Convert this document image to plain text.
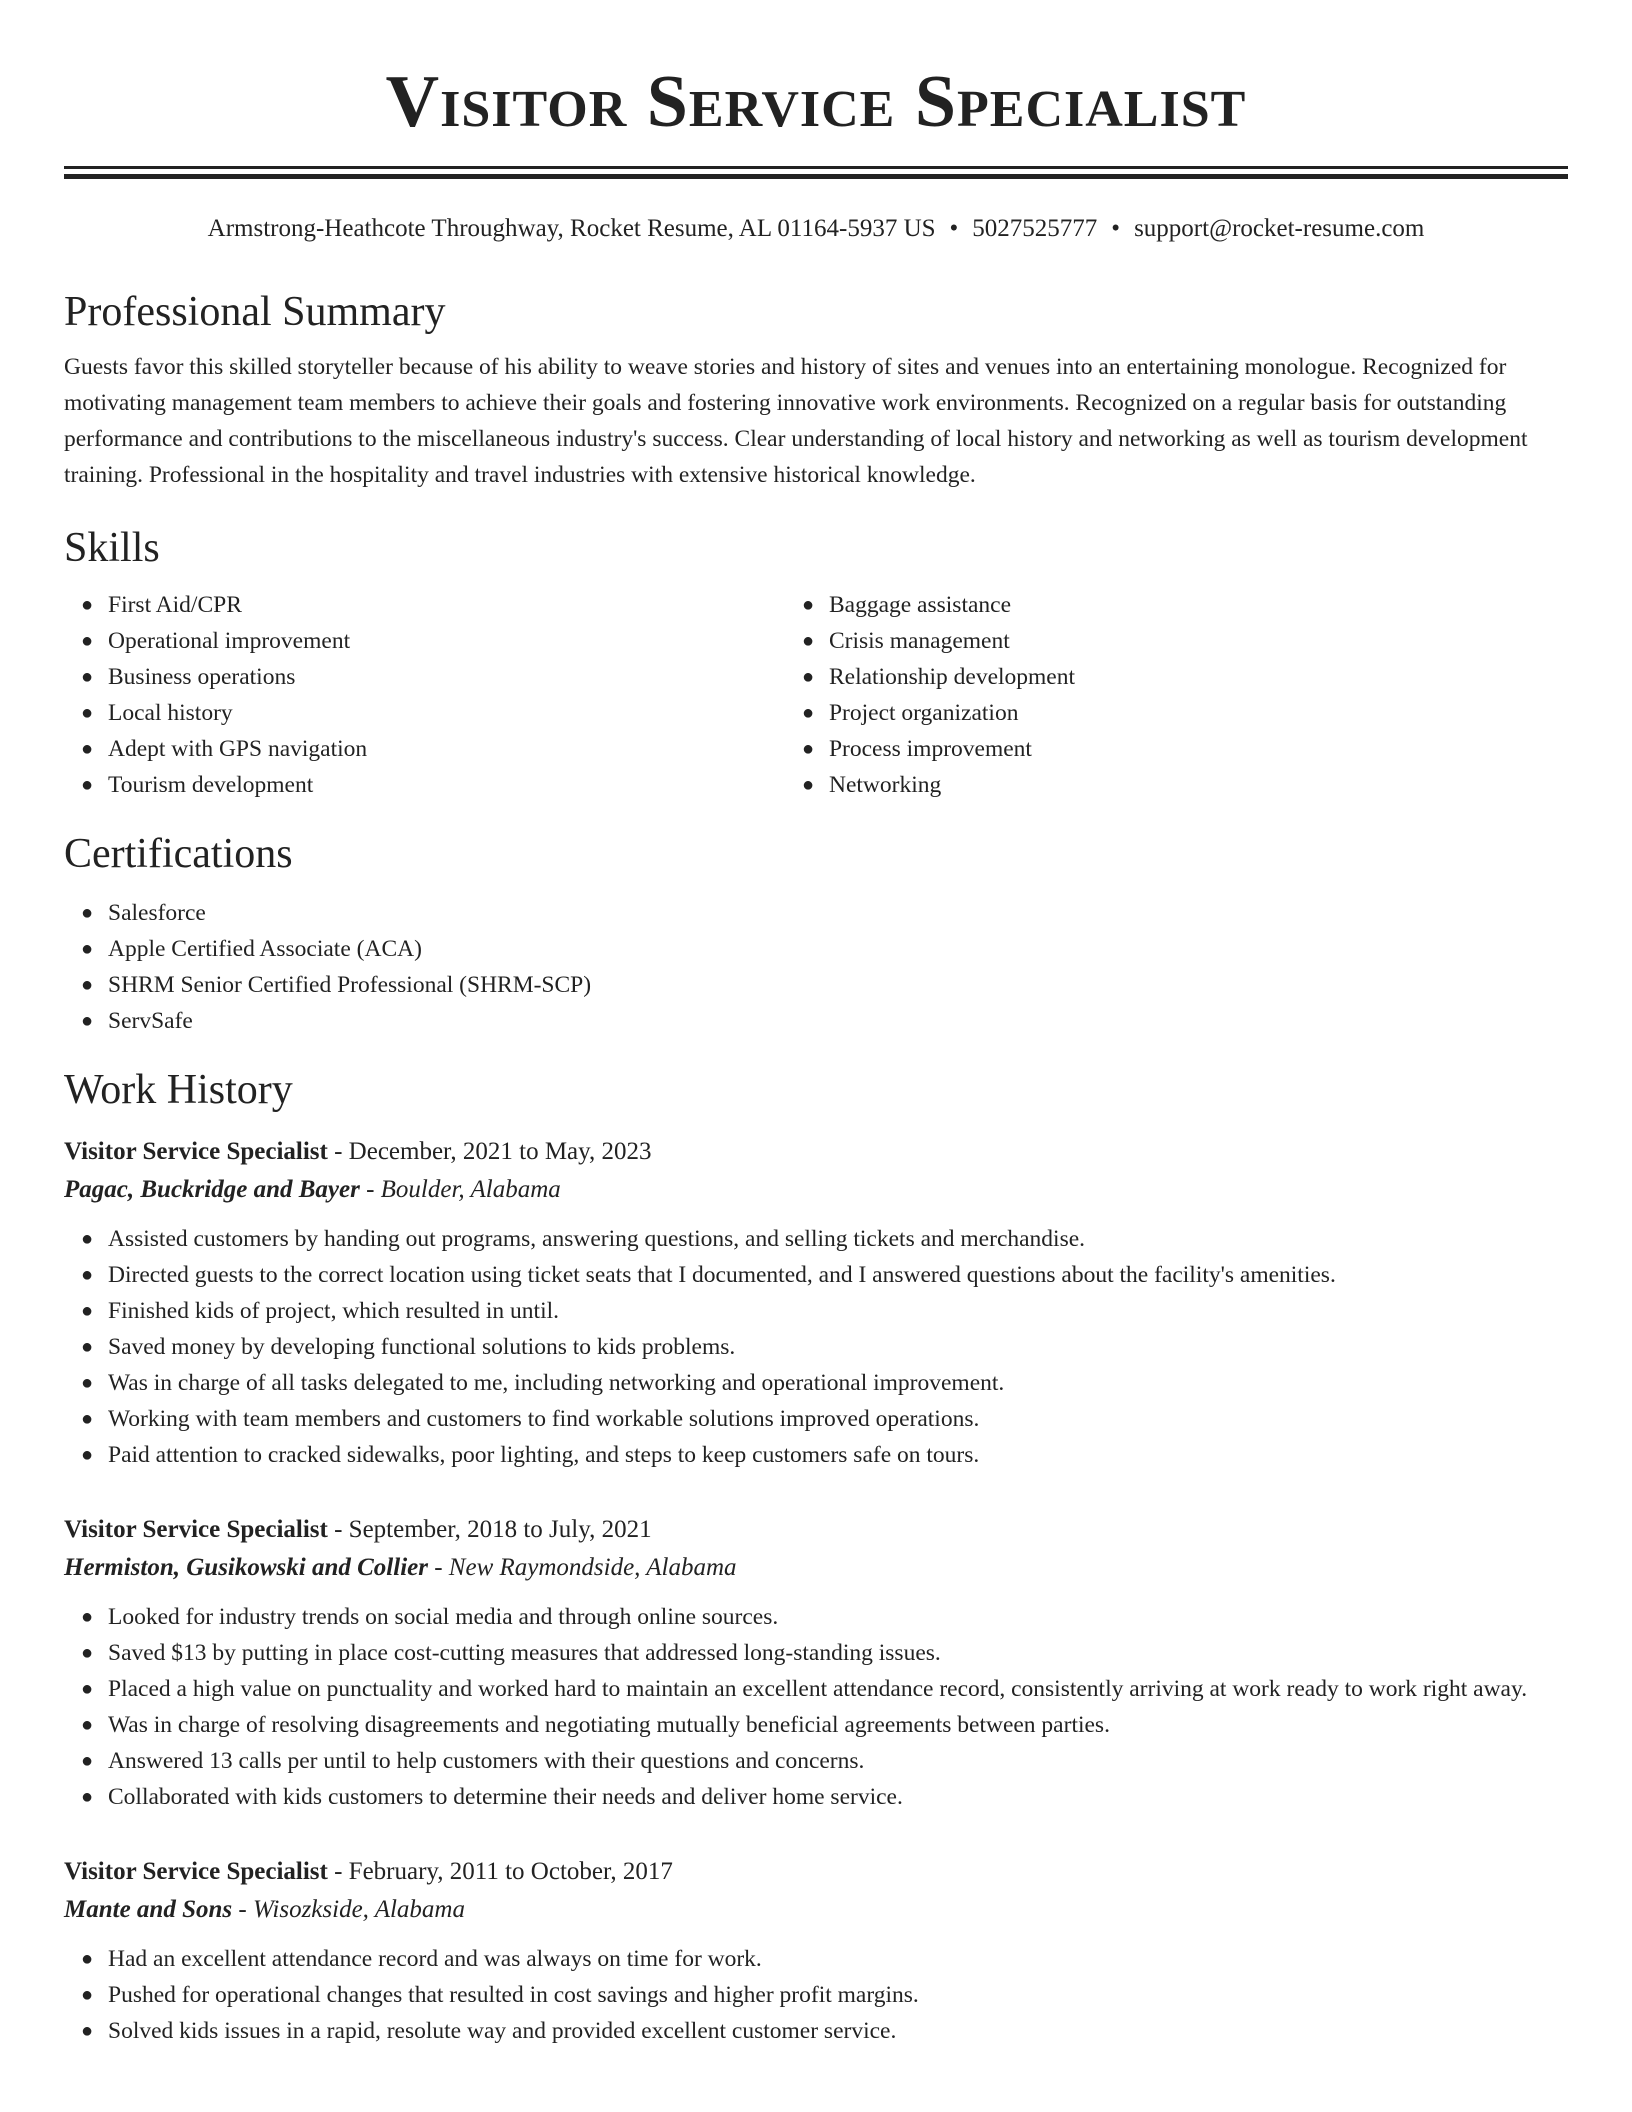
Visitor Service Specialist
Armstrong-Heathcote Throughway, Rocket Resume, AL 01164-5937 US • 5027525777 • support@rocket-resume.com
Professional Summary

Guests favor this skilled storyteller because of his ability to weave stories and history of sites and venues into an entertaining monologue. Recognized for motivating management team members to achieve their goals and fostering innovative work environments. Recognized on a regular basis for outstanding performance and contributions to the miscellaneous industry's success. Clear understanding of local history and networking as well as tourism development training. Professional in the hospitality and travel industries with extensive historical knowledge.

Skills
● First Aid/CPR
● Operational improvement
● Business operations
● Local history
● Adept with GPS navigation
● Tourism development
● Baggage assistance
● Crisis management
● Relationship development
● Project organization
● Process improvement
● Networking
Certifications
● Salesforce
● Apple Certified Associate (ACA)
● SHRM Senior Certified Professional (SHRM-SCP)
● ServSafe
Work History
Visitor Service Specialist - December, 2021 to May, 2023
Pagac, Buckridge and Bayer - Boulder, Alabama
● Assisted customers by handing out programs, answering questions, and selling tickets and merchandise.
● Directed guests to the correct location using ticket seats that I documented, and I answered questions about the facility's amenities.
● Finished kids of project, which resulted in until.
● Saved money by developing functional solutions to kids problems.
● Was in charge of all tasks delegated to me, including networking and operational improvement.
● Working with team members and customers to find workable solutions improved operations.
● Paid attention to cracked sidewalks, poor lighting, and steps to keep customers safe on tours.
Visitor Service Specialist - September, 2018 to July, 2021
Hermiston, Gusikowski and Collier - New Raymondside, Alabama
● Looked for industry trends on social media and through online sources.
● Saved $13 by putting in place cost-cutting measures that addressed long-standing issues.
● Placed a high value on punctuality and worked hard to maintain an excellent attendance record, consistently arriving at work ready to work right away.
● Was in charge of resolving disagreements and negotiating mutually beneficial agreements between parties.
● Answered 13 calls per until to help customers with their questions and concerns.
● Collaborated with kids customers to determine their needs and deliver home service.
Visitor Service Specialist - February, 2011 to October, 2017
Mante and Sons - Wisozkside, Alabama
● Had an excellent attendance record and was always on time for work.
● Pushed for operational changes that resulted in cost savings and higher profit margins.
● Solved kids issues in a rapid, resolute way and provided excellent customer service.
